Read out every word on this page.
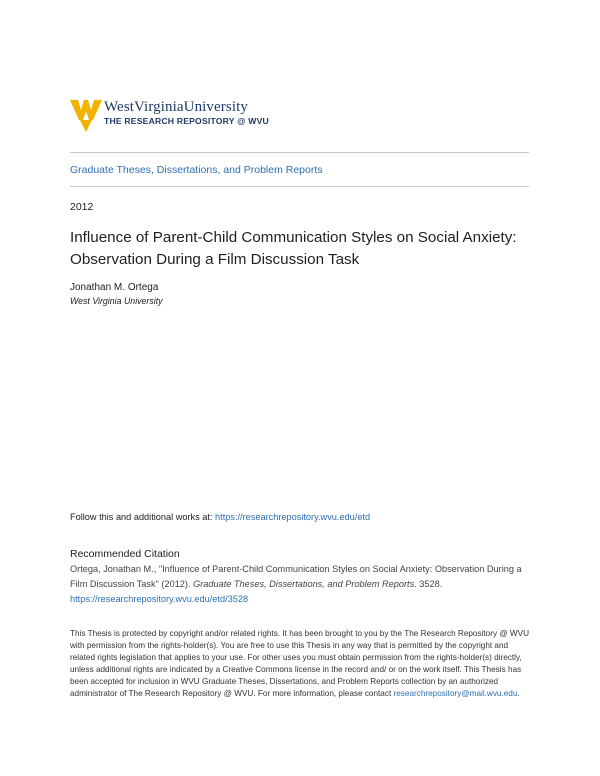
WestVirginiaUniversity
THE RESEARCH REPOSITORY @ WVU
Graduate Theses, Dissertations, and Problem Reports
2012
Influence of Parent-Child Communication Styles on Social Anxiety: Observation During a Film Discussion Task
Jonathan M. Ortega
West Virginia University
Follow this and additional works at: https://researchrepository.wvu.edu/etd
Recommended Citation
Ortega, Jonathan M., "Influence of Parent-Child Communication Styles on Social Anxiety: Observation During a Film Discussion Task" (2012). Graduate Theses, Dissertations, and Problem Reports. 3528.
https://researchrepository.wvu.edu/etd/3528
This Thesis is protected by copyright and/or related rights. It has been brought to you by the The Research Repository @ WVU with permission from the rights-holder(s). You are free to use this Thesis in any way that is permitted by the copyright and related rights legislation that applies to your use. For other uses you must obtain permission from the rights-holder(s) directly, unless additional rights are indicated by a Creative Commons license in the record and/ or on the work itself. This Thesis has been accepted for inclusion in WVU Graduate Theses, Dissertations, and Problem Reports collection by an authorized administrator of The Research Repository @ WVU. For more information, please contact researchrepository@mail.wvu.edu.
